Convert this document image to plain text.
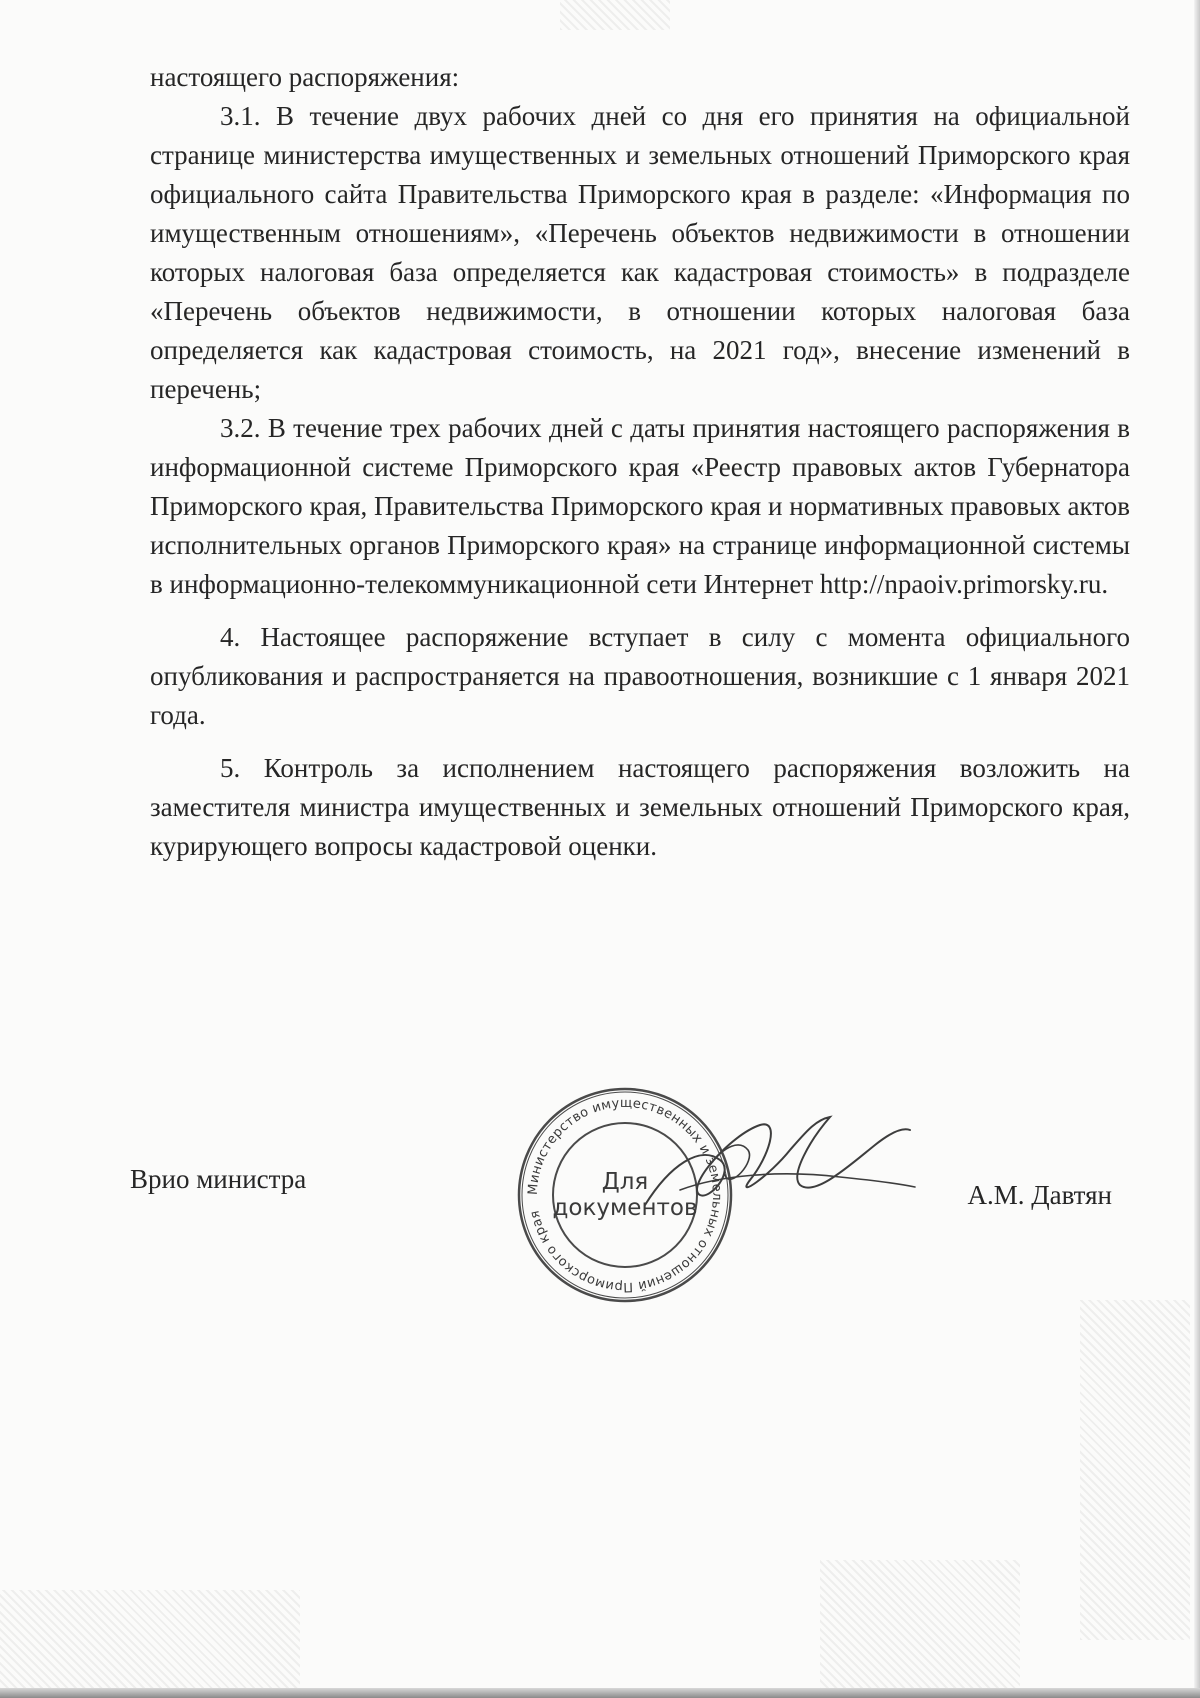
настоящего распоряжения:

3.1. В течение двух рабочих дней со дня его принятия на официальной странице министерства имущественных и земельных отношений Приморского края официального сайта Правительства Приморского края в разделе: «Информация по имущественным отношениям», «Перечень объектов недвижимости в отношении которых налоговая база определяется как кадастровая стоимость» в подразделе «Перечень объектов недвижимости, в отношении которых налоговая база определяется как кадастровая стоимость, на 2021 год», внесение изменений в перечень;

3.2. В течение трех рабочих дней с даты принятия настоящего распоряжения в информационной системе Приморского края «Реестр правовых актов Губернатора Приморского края, Правительства Приморского края и нормативных правовых актов исполнительных органов Приморского края» на странице информационной системы в информационно-телекоммуникационной сети Интернет http://npaoiv.primorsky.ru.

4. Настоящее распоряжение вступает в силу с момента официального опубликования и распространяется на правоотношения, возникшие с 1 января 2021 года.

5. Контроль за исполнением настоящего распоряжения возложить на заместителя министра имущественных и земельных отношений Приморского края, курирующего вопросы кадастровой оценки.

Врио министра	Министерство имущественных и земельных отношений Приморского края
Для
документов	А.М. Давтян
